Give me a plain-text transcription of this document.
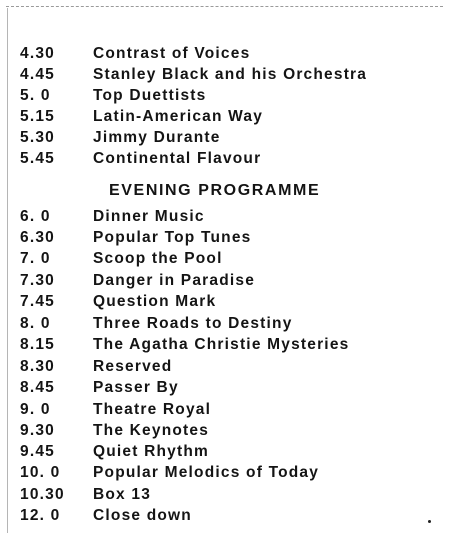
4.30 Contrast of Voices
4.45 Stanley Black and his Orchestra
5. 0	Top Duettists
5.15 Latin-American Way
5.30 Jimmy Durante
5.45 Continental Flavour
EVENING PROGRAMME
6. 0	Dinner Music
6.30 Popular Top Tunes
7. 0	Scoop the Pool
7.30 Danger in Paradise
7.45 Question Mark
8. 0	Three Roads to Destiny
8.15 The Agatha Christie Mysteries
8.30 Reserved
8.45 Passer By
9. 0	Theatre Royal
9.30 The Keynotes
9.45 Quiet Rhythm
10. 0 Popular Melodics of Today
10.30 Box 13
12. 0 Close down
